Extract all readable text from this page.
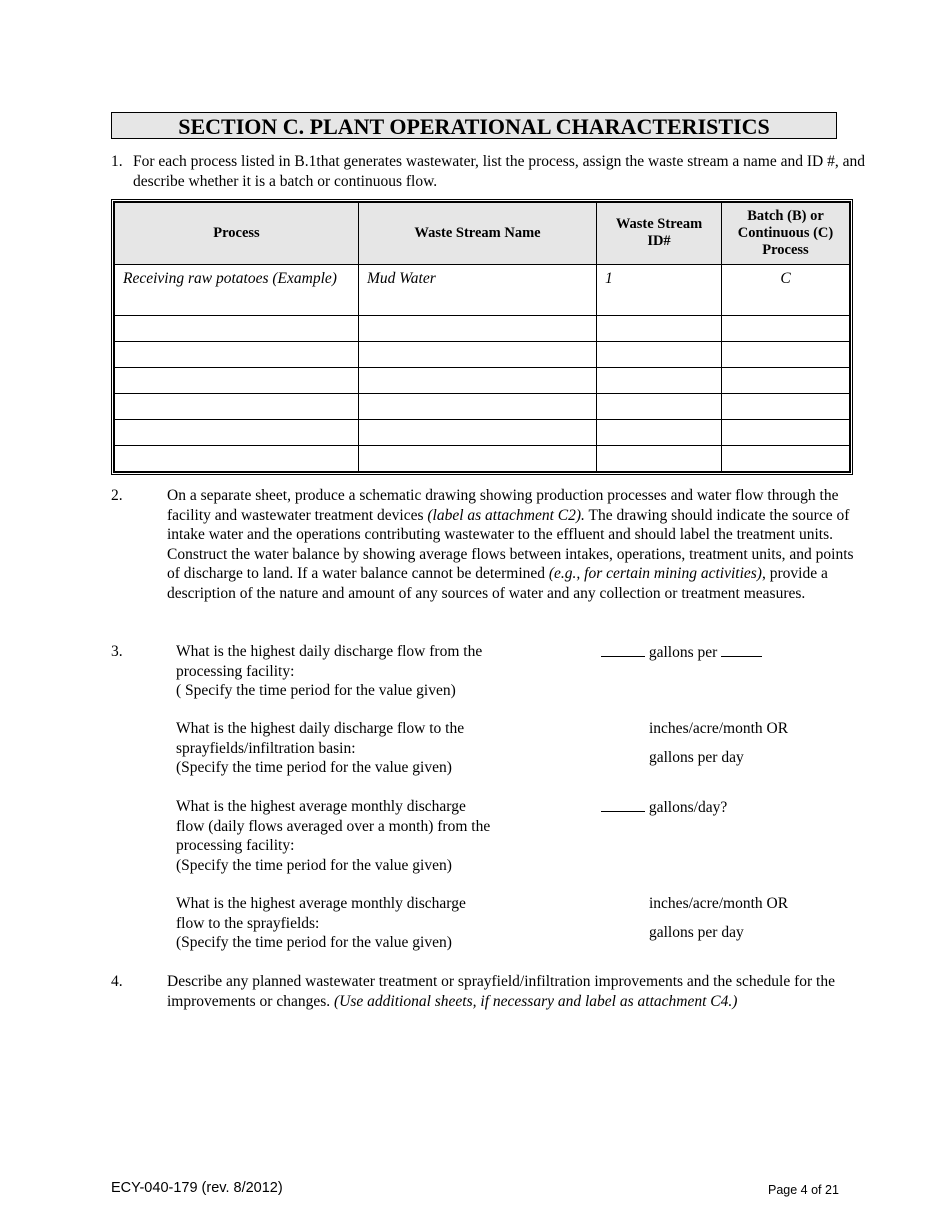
SECTION C. PLANT OPERATIONAL CHARACTERISTICS
1. For each process listed in B.1that generates wastewater, list the process, assign the waste stream a name and ID #, and describe whether it is a batch or continuous flow.
Process	Waste Stream Name	Waste Stream ID#	Batch (B) or Continuous (C) Process
Receiving raw potatoes (Example)	Mud Water	1	C

2.	On a separate sheet, produce a schematic drawing showing production processes and water flow through the facility and wastewater treatment devices (label as attachment C2). The drawing should indicate the source of intake water and the operations contributing wastewater to the effluent and should label the treatment units. Construct the water balance by showing average flows between intakes, operations, treatment units, and points of discharge to land. If a water balance cannot be determined (e.g., for certain mining activities), provide a description of the nature and amount of any sources of water and any collection or treatment measures.
3.	What is the highest daily discharge flow from the
processing facility:
( Specify the time period for the value given)
gallons per
What is the highest daily discharge flow to the
sprayfields/infiltration basin:
(Specify the time period for the value given)
inches/acre/month OR
gallons per day
What is the highest average monthly discharge
flow (daily flows averaged over a month) from the
processing facility:
(Specify the time period for the value given)
gallons/day?
What is the highest average monthly discharge
flow to the sprayfields:
(Specify the time period for the value given)
inches/acre/month OR
gallons per day
4.	Describe any planned wastewater treatment or sprayfield/infiltration improvements and the schedule for the improvements or changes. (Use additional sheets, if necessary and label as attachment C4.)
ECY-040-179 (rev. 8/2012)	Page 4 of 21
